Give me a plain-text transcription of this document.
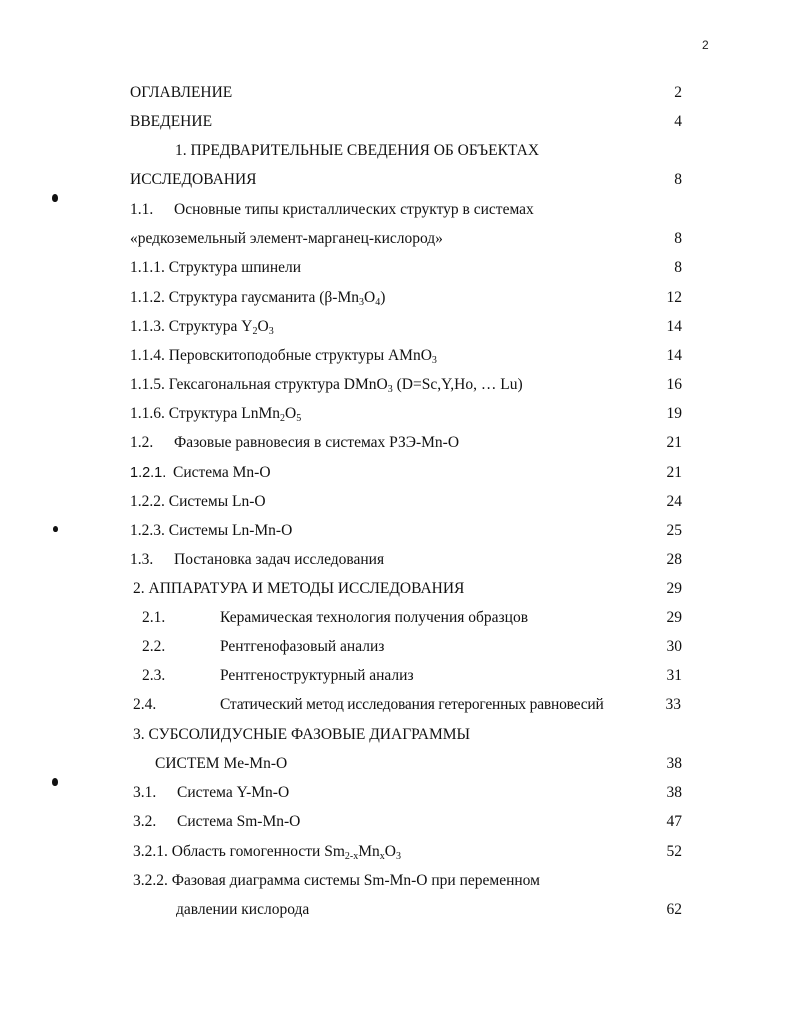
2
ОГЛАВЛЕНИЕ	2
ВВЕДЕНИЕ	4
1. ПРЕДВАРИТЕЛЬНЫЕ СВЕДЕНИЯ ОБ ОБЪЕКТАХ
ИССЛЕДОВАНИЯ	8
1.1. Основные типы кристаллических структур в системах
«редкоземельный элемент-марганец-кислород»	8
1.1.1. Структура шпинели	8
1.1.2. Структура гаусманита $(\beta-Mn_3O_4)$	12
1.1.3. Структура $Y_2O_3$	14
1.1.4. Перовскитоподобные структуры AMnO$_3$	14
1.1.5. Гексагональная структура DMnO$_3$ (D=Sc,Y,Ho, … Lu)	16
1.1.6. Структура $LnMn_2O_5$	19
1.2. Фазовые равновесия в системах РЗЭ-Mn-O	21
1.2.1. Система Mn-O	21
1.2.2. Системы Ln-O	24
1.2.3. Системы Ln-Mn-O	25
1.3. Постановка задач исследования	28
2. АППАРАТУРА И МЕТОДЫ ИССЛЕДОВАНИЯ	29
2.1.	Керамическая технология получения образцов	29
2.2.	Рентгенофазовый анализ	30
2.3.	Рентгеноструктурный анализ	31
2.4.	Статический метод исследования гетерогенных равновесий	33
3. СУБСОЛИДУСНЫЕ ФАЗОВЫЕ ДИАГРАММЫ
СИСТЕМ Me-Mn-O	38
3.1. Система Y-Mn-O	38
3.2. Система Sm-Mn-O	47
3.2.1. Область гомогенности $Sm_{2-x}Mn_xO_3$	52
3.2.2. Фазовая диаграмма системы Sm-Mn-O при переменном
давлении кислорода	62
